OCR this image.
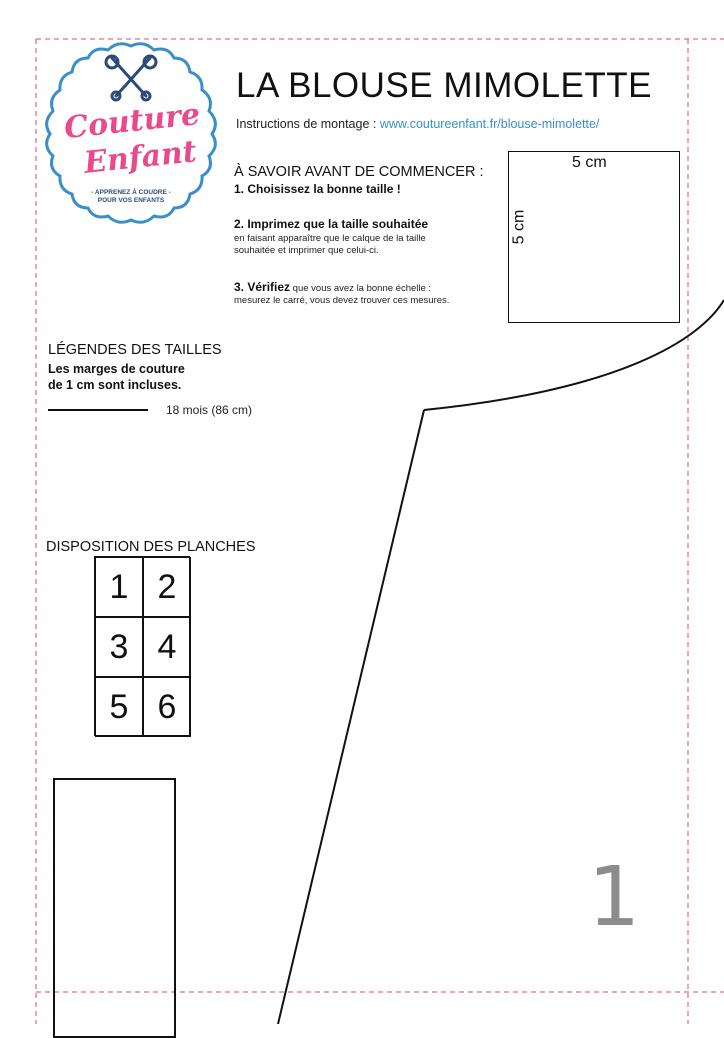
Couture
Enfant
- APPRENEZ À COUDRE -
POUR VOS ENFANTS
LA BLOUSE MIMOLETTE
Instructions de montage : www.coutureenfant.fr/blouse-mimolette/
À SAVOIR AVANT DE COMMENCER :
1. Choisissez la bonne taille !
2. Imprimez que la taille souhaitée
en faisant apparaître que le calque de la taille
souhaitée et imprimer que celui-ci.
3. Vérifiez que vous avez la bonne échelle :
mesurez le carré, vous devez trouver ces mesures.
5 cm
5 cm
LÉGENDES DES TAILLES
Les marges de couture
de 1 cm sont incluses.
18 mois (86 cm)
DISPOSITION DES PLANCHES
1 2
3 4
5 6
1
